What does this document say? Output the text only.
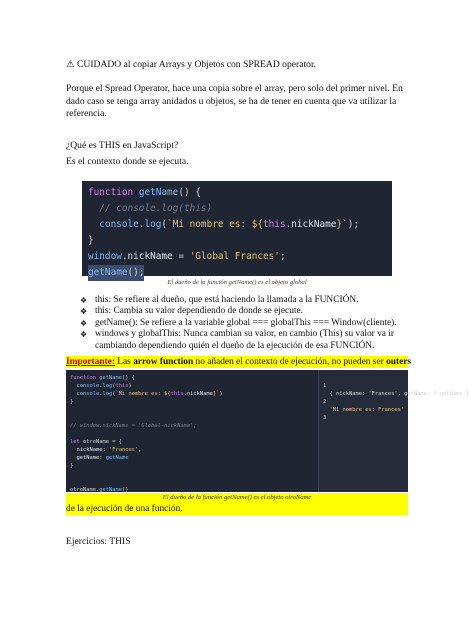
⚠ CUIDADO al copiar Arrays y Objetos con SPREAD operator.
Porque el Spread Operator, hace una copia sobre el array, pero solo del primer nivel. En dado caso se tenga array anidados u objetos, se ha de tener en cuenta que va utilizar la referencia.
¿Qué es THIS en JavaScript?
Es el contexto donde se ejecuta.
function getName() {
// console.log(this)
console.log(`Mi nombre es: ${this.nickName}`);
}
window.nickName = 'Global Frances';
getName();
El dueño de la función getName() es el objeto global
❖ this: Se refiere al dueño, que está haciendo la llamada a la FUNCIÓN.
❖ this: Cambia su valor dependiendo de donde se ejecute.
❖ getName(): Se refiere a la variable global === globalThis === Window(cliente).
❖ windows y globalThis: Nunca cambian su valor, en cambio (This) su valor va ir cambiando dependiendo quién el dueño de la ejecución de esa FUNCIÓN.
Importante: Las arrow function no añaden el contexto de ejecución, no pueden ser outers
function getName() {
console.log(this)
console.log(`Mi nombre es: ${this.nickName}`)
}

// window.nickName = 'Global-nickName';

let otroName = {
nickName: 'Frances',
getName: getName
}

otroName.getName()
1
{ nickName: 'Frances', getName: f getName }
2
'Mi nombre es: Frances'
3
El dueño de la función getName() es el objeto otroName
de la ejecución de una función.
Ejercicios: THIS
